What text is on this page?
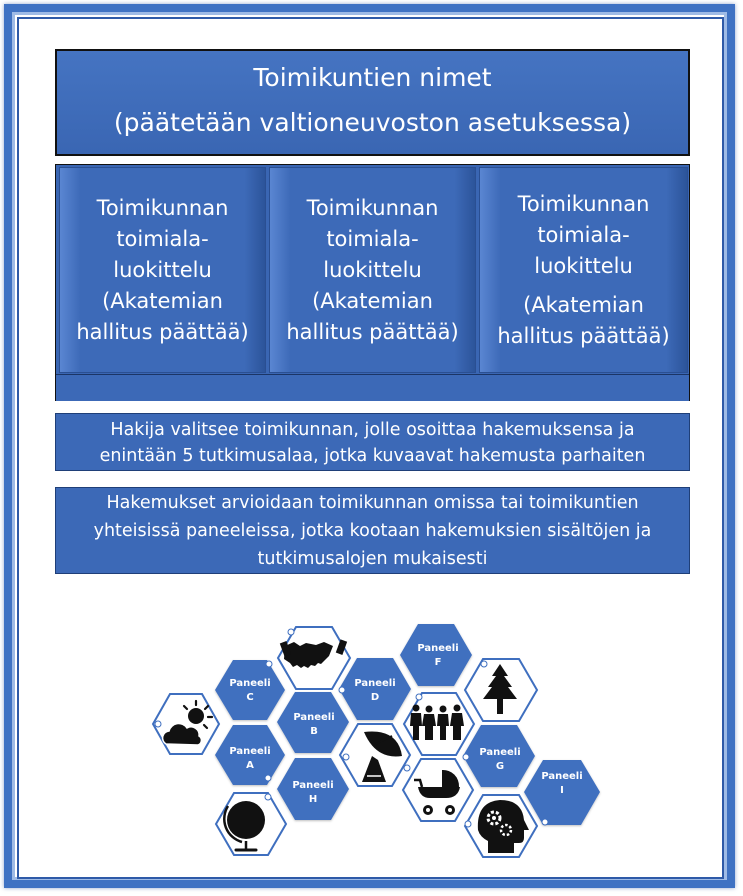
Toimikuntien nimet
(päätetään valtioneuvoston asetuksessa)
Toimikunnan
toimiala-
luokittelu
(Akatemian
hallitus päättää)
Toimikunnan
toimiala-
luokittelu
(Akatemian
hallitus päättää)
Toimikunnan
toimiala-
luokittelu
(Akatemian
hallitus päättää)
Hakija valitsee toimikunnan, jolle osoittaa hakemuksensa ja
enintään 5 tutkimusalaa, jotka kuvaavat hakemusta parhaiten
Hakemukset arvioidaan toimikunnan omissa tai toimikuntien
yhteisissä paneeleissa, jotka kootaan hakemuksien sisältöjen ja
tutkimusalojen mukaisesti
Paneeli
C
Paneeli
B
Paneeli
A
Paneeli
H
Paneeli
D
Paneeli
F
Paneeli
G
Paneeli
I
